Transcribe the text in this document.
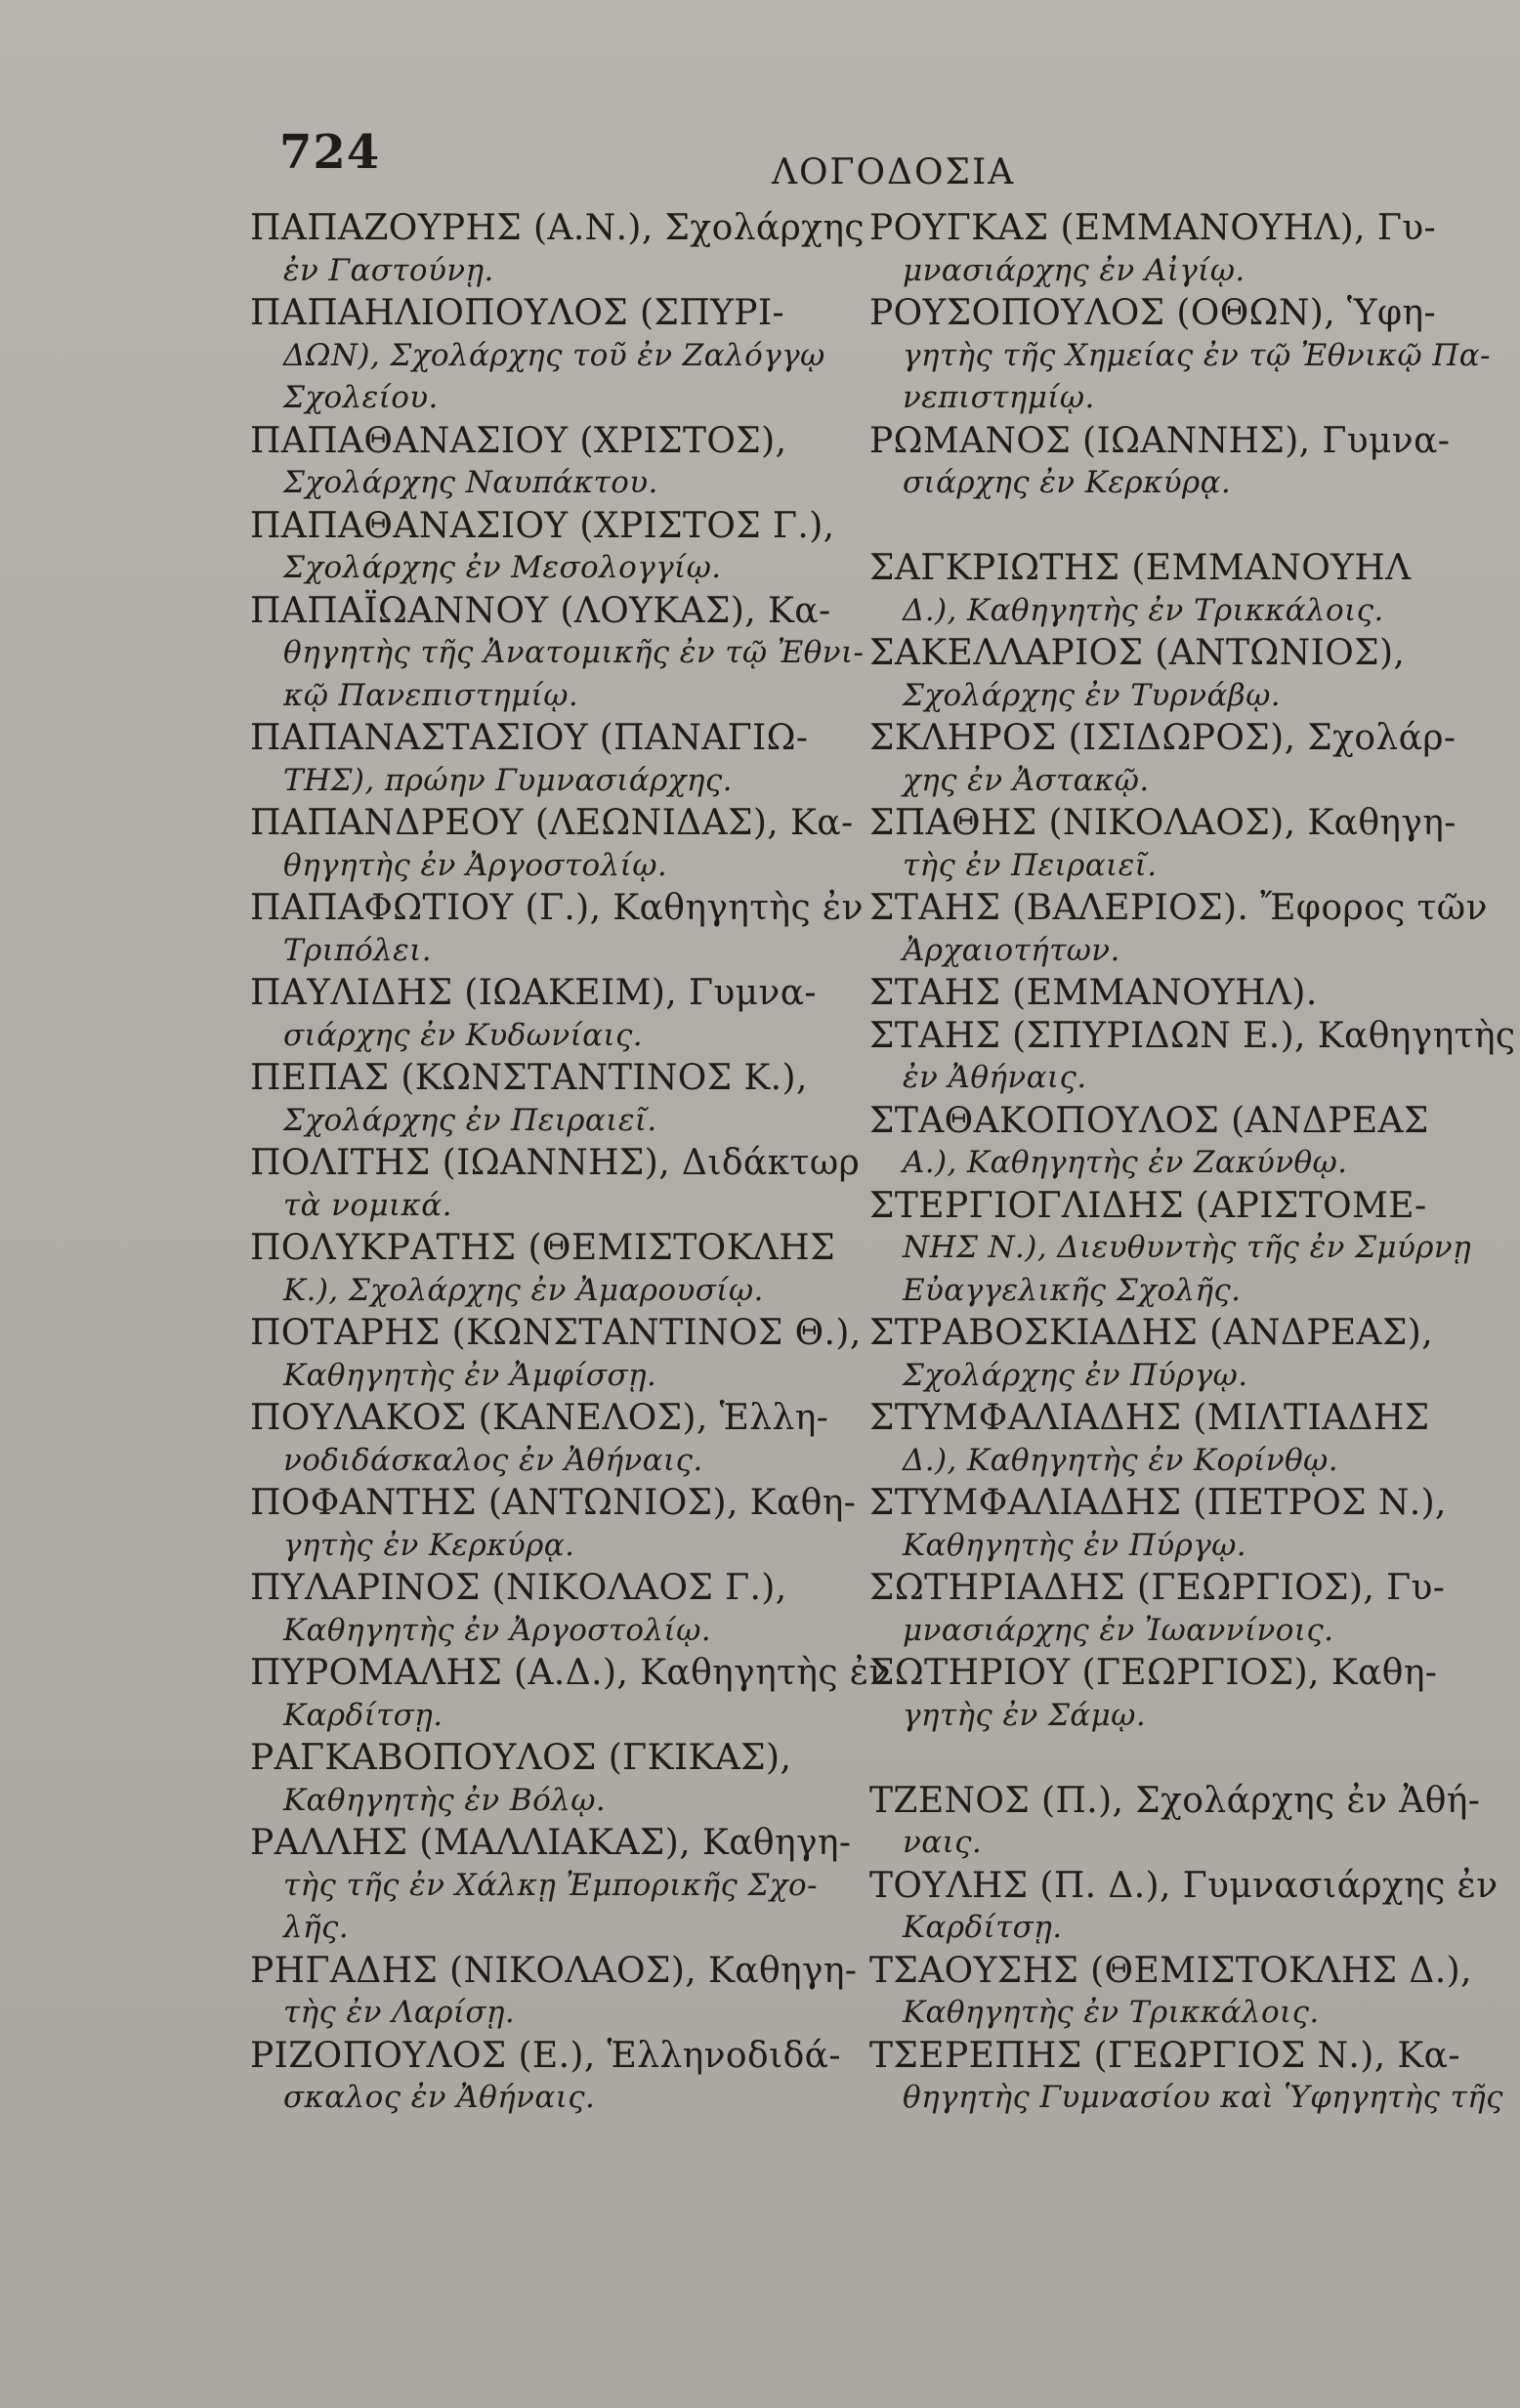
724	ΛΟΓΟΔΟΣΙΑ
ΠΑΠΑΖΟΥΡΗΣ (Α.Ν.), Σχολάρχης
ἐν Γαστούνῃ.
ΠΑΠΑΗΛΙΟΠΟΥΛΟΣ (ΣΠΥΡΙ-
ΔΩΝ), Σχολάρχης τοῦ ἐν Ζαλόγγῳ
Σχολείου.
ΠΑΠΑΘΑΝΑΣΙΟΥ (ΧΡΙΣΤΟΣ),
Σχολάρχης Ναυπάκτου.
ΠΑΠΑΘΑΝΑΣΙΟΥ (ΧΡΙΣΤΟΣ Γ.),
Σχολάρχης ἐν Μεσολογγίῳ.
ΠΑΠΑΪΩΑΝΝΟΥ (ΛΟΥΚΑΣ), Κα-
θηγητὴς τῆς Ἀνατομικῆς ἐν τῷ Ἐθνι-
κῷ Πανεπιστημίῳ.
ΠΑΠΑΝΑΣΤΑΣΙΟΥ (ΠΑΝΑΓΙΩ-
ΤΗΣ), πρώην Γυμνασιάρχης.
ΠΑΠΑΝΔΡΕΟΥ (ΛΕΩΝΙΔΑΣ), Κα-
θηγητὴς ἐν Ἀργοστολίῳ.
ΠΑΠΑΦΩΤΙΟΥ (Γ.), Καθηγητὴς ἐν
Τριπόλει.
ΠΑΥΛΙΔΗΣ (ΙΩΑΚΕΙΜ), Γυμνα-
σιάρχης ἐν Κυδωνίαις.
ΠΕΠΑΣ (ΚΩΝΣΤΑΝΤΙΝΟΣ Κ.),
Σχολάρχης ἐν Πειραιεῖ.
ΠΟΛΙΤΗΣ (ΙΩΑΝΝΗΣ), Διδάκτωρ
τὰ νομικά.
ΠΟΛΥΚΡΑΤΗΣ (ΘΕΜΙΣΤΟΚΛΗΣ
Κ.), Σχολάρχης ἐν Ἀμαρουσίῳ.
ΠΟΤΑΡΗΣ (ΚΩΝΣΤΑΝΤΙΝΟΣ Θ.),
Καθηγητὴς ἐν Ἀμφίσσῃ.
ΠΟΥΛΑΚΟΣ (ΚΑΝΕΛΟΣ), Ἑλλη-
νοδιδάσκαλος ἐν Ἀθήναις.
ΠΟΦΑΝΤΗΣ (ΑΝΤΩΝΙΟΣ), Καθη-
γητὴς ἐν Κερκύρᾳ.
ΠΥΛΑΡΙΝΟΣ (ΝΙΚΟΛΑΟΣ Γ.),
Καθηγητὴς ἐν Ἀργοστολίῳ.
ΠΥΡΟΜΑΛΗΣ (Α.Δ.), Καθηγητὴς ἐν
Καρδίτσῃ.
ΡΑΓΚΑΒΟΠΟΥΛΟΣ (ΓΚΙΚΑΣ),
Καθηγητὴς ἐν Βόλῳ.
ΡΑΛΛΗΣ (ΜΑΛΛΙΑΚΑΣ), Καθηγη-
τὴς τῆς ἐν Χάλκῃ Ἐμπορικῆς Σχο-
λῆς.
ΡΗΓΑΔΗΣ (ΝΙΚΟΛΑΟΣ), Καθηγη-
τὴς ἐν Λαρίσῃ.
ΡΙΖΟΠΟΥΛΟΣ (Ε.), Ἑλληνοδιδά-
σκαλος ἐν Ἀθήναις.
ΡΟΥΓΚΑΣ (ΕΜΜΑΝΟΥΗΛ), Γυ-
μνασιάρχης ἐν Αἰγίῳ.
ΡΟΥΣΟΠΟΥΛΟΣ (ΟΘΩΝ), Ὑφη-
γητὴς τῆς Χημείας ἐν τῷ Ἐθνικῷ Πα-
νεπιστημίῳ.
ΡΩΜΑΝΟΣ (ΙΩΑΝΝΗΣ), Γυμνα-
σιάρχης ἐν Κερκύρᾳ.
ΣΑΓΚΡΙΩΤΗΣ (ΕΜΜΑΝΟΥΗΛ
Δ.), Καθηγητὴς ἐν Τρικκάλοις.
ΣΑΚΕΛΛΑΡΙΟΣ (ΑΝΤΩΝΙΟΣ),
Σχολάρχης ἐν Τυρνάβῳ.
ΣΚΛΗΡΟΣ (ΙΣΙΔΩΡΟΣ), Σχολάρ-
χης ἐν Ἀστακῷ.
ΣΠΑΘΗΣ (ΝΙΚΟΛΑΟΣ), Καθηγη-
τὴς ἐν Πειραιεῖ.
ΣΤΑΗΣ (ΒΑΛΕΡΙΟΣ). Ἔφορος τῶν
Ἀρχαιοτήτων.
ΣΤΑΗΣ (ΕΜΜΑΝΟΥΗΛ).
ΣΤΑΗΣ (ΣΠΥΡΙΔΩΝ Ε.), Καθηγητὴς
ἐν Ἀθήναις.
ΣΤΑΘΑΚΟΠΟΥΛΟΣ (ΑΝΔΡΕΑΣ
Α.), Καθηγητὴς ἐν Ζακύνθῳ.
ΣΤΕΡΓΙΟΓΛΙΔΗΣ (ΑΡΙΣΤΟΜΕ-
ΝΗΣ Ν.), Διευθυντὴς τῆς ἐν Σμύρνῃ
Εὐαγγελικῆς Σχολῆς.
ΣΤΡΑΒΟΣΚΙΑΔΗΣ (ΑΝΔΡΕΑΣ),
Σχολάρχης ἐν Πύργῳ.
ΣΤΥΜΦΑΛΙΑΔΗΣ (ΜΙΛΤΙΑΔΗΣ
Δ.), Καθηγητὴς ἐν Κορίνθῳ.
ΣΤΥΜΦΑΛΙΑΔΗΣ (ΠΕΤΡΟΣ Ν.),
Καθηγητὴς ἐν Πύργῳ.
ΣΩΤΗΡΙΑΔΗΣ (ΓΕΩΡΓΙΟΣ), Γυ-
μνασιάρχης ἐν Ἰωαννίνοις.
ΣΩΤΗΡΙΟΥ (ΓΕΩΡΓΙΟΣ), Καθη-
γητὴς ἐν Σάμῳ.
ΤΖΕΝΟΣ (Π.), Σχολάρχης ἐν Ἀθή-
ναις.
ΤΟΥΛΗΣ (Π. Δ.), Γυμνασιάρχης ἐν
Καρδίτσῃ.
ΤΣΑΟΥΣΗΣ (ΘΕΜΙΣΤΟΚΛΗΣ Δ.),
Καθηγητὴς ἐν Τρικκάλοις.
ΤΣΕΡΕΠΗΣ (ΓΕΩΡΓΙΟΣ Ν.), Κα-
θηγητὴς Γυμνασίου καὶ Ὑφηγητὴς τῆς
